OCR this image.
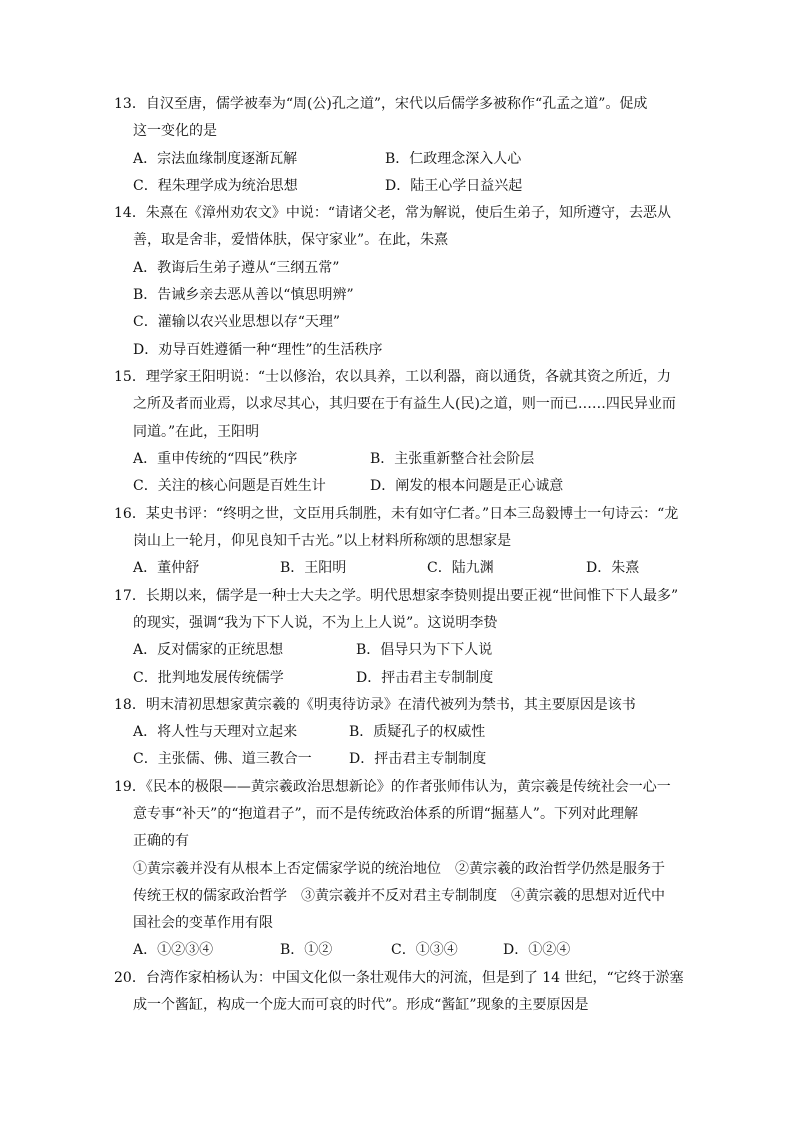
13．自汉至唐，儒学被奉为“周(公)孔之道”，宋代以后儒学多被称作“孔孟之道”。促成
这一变化的是
A．宗法血缘制度逐渐瓦解	B．仁政理念深入人心
C．程朱理学成为统治思想	D．陆王心学日益兴起
14．朱熹在《漳州劝农文》中说：“请诸父老，常为解说，使后生弟子，知所遵守，去恶从
善，取是舍非，爱惜体肤，保守家业”。在此，朱熹
A．教诲后生弟子遵从“三纲五常”
B．告诫乡亲去恶从善以“慎思明辨”
C．灌输以农兴业思想以存“天理”
D．劝导百姓遵循一种“理性”的生活秩序
15．理学家王阳明说：“士以修治，农以具养，工以利器，商以通货，各就其资之所近，力
之所及者而业焉，以求尽其心，其归要在于有益生人(民)之道，则一而已……四民异业而
同道。”在此，王阳明
A．重申传统的“四民”秩序	B．主张重新整合社会阶层
C．关注的核心问题是百姓生计	D．阐发的根本问题是正心诚意
16．某史书评：“终明之世，文臣用兵制胜，未有如守仁者。”日本三岛毅博士一句诗云：“龙
岗山上一轮月，仰见良知千古光。”以上材料所称颂的思想家是
A．董仲舒	B．王阳明	C．陆九渊	D．朱熹
17．长期以来，儒学是一种士大夫之学。明代思想家李贽则提出要正视“世间惟下下人最多”
的现实，强调“我为下下人说，不为上上人说”。这说明李贽
A．反对儒家的正统思想	B．倡导只为下下人说
C．批判地发展传统儒学	D．抨击君主专制制度
18．明末清初思想家黄宗羲的《明夷待访录》在清代被列为禁书，其主要原因是该书
A．将人性与天理对立起来	B．质疑孔子的权威性
C．主张儒、佛、道三教合一	D．抨击君主专制制度
19．《民本的极限——黄宗羲政治思想新论》的作者张师伟认为，黄宗羲是传统社会一心一
意专事“补天”的“抱道君子”，而不是传统政治体系的所谓“掘墓人”。下列对此理解
正确的有
①黄宗羲并没有从根本上否定儒家学说的统治地位　②黄宗羲的政治哲学仍然是服务于
传统王权的儒家政治哲学　③黄宗羲并不反对君主专制制度　④黄宗羲的思想对近代中
国社会的变革作用有限
A．①②③④	B．①②	C．①③④	D．①②④
20．台湾作家柏杨认为：中国文化似一条壮观伟大的河流，但是到了 14 世纪，“它终于淤塞
成一个酱缸，构成一个庞大而可哀的时代”。形成“酱缸”现象的主要原因是
